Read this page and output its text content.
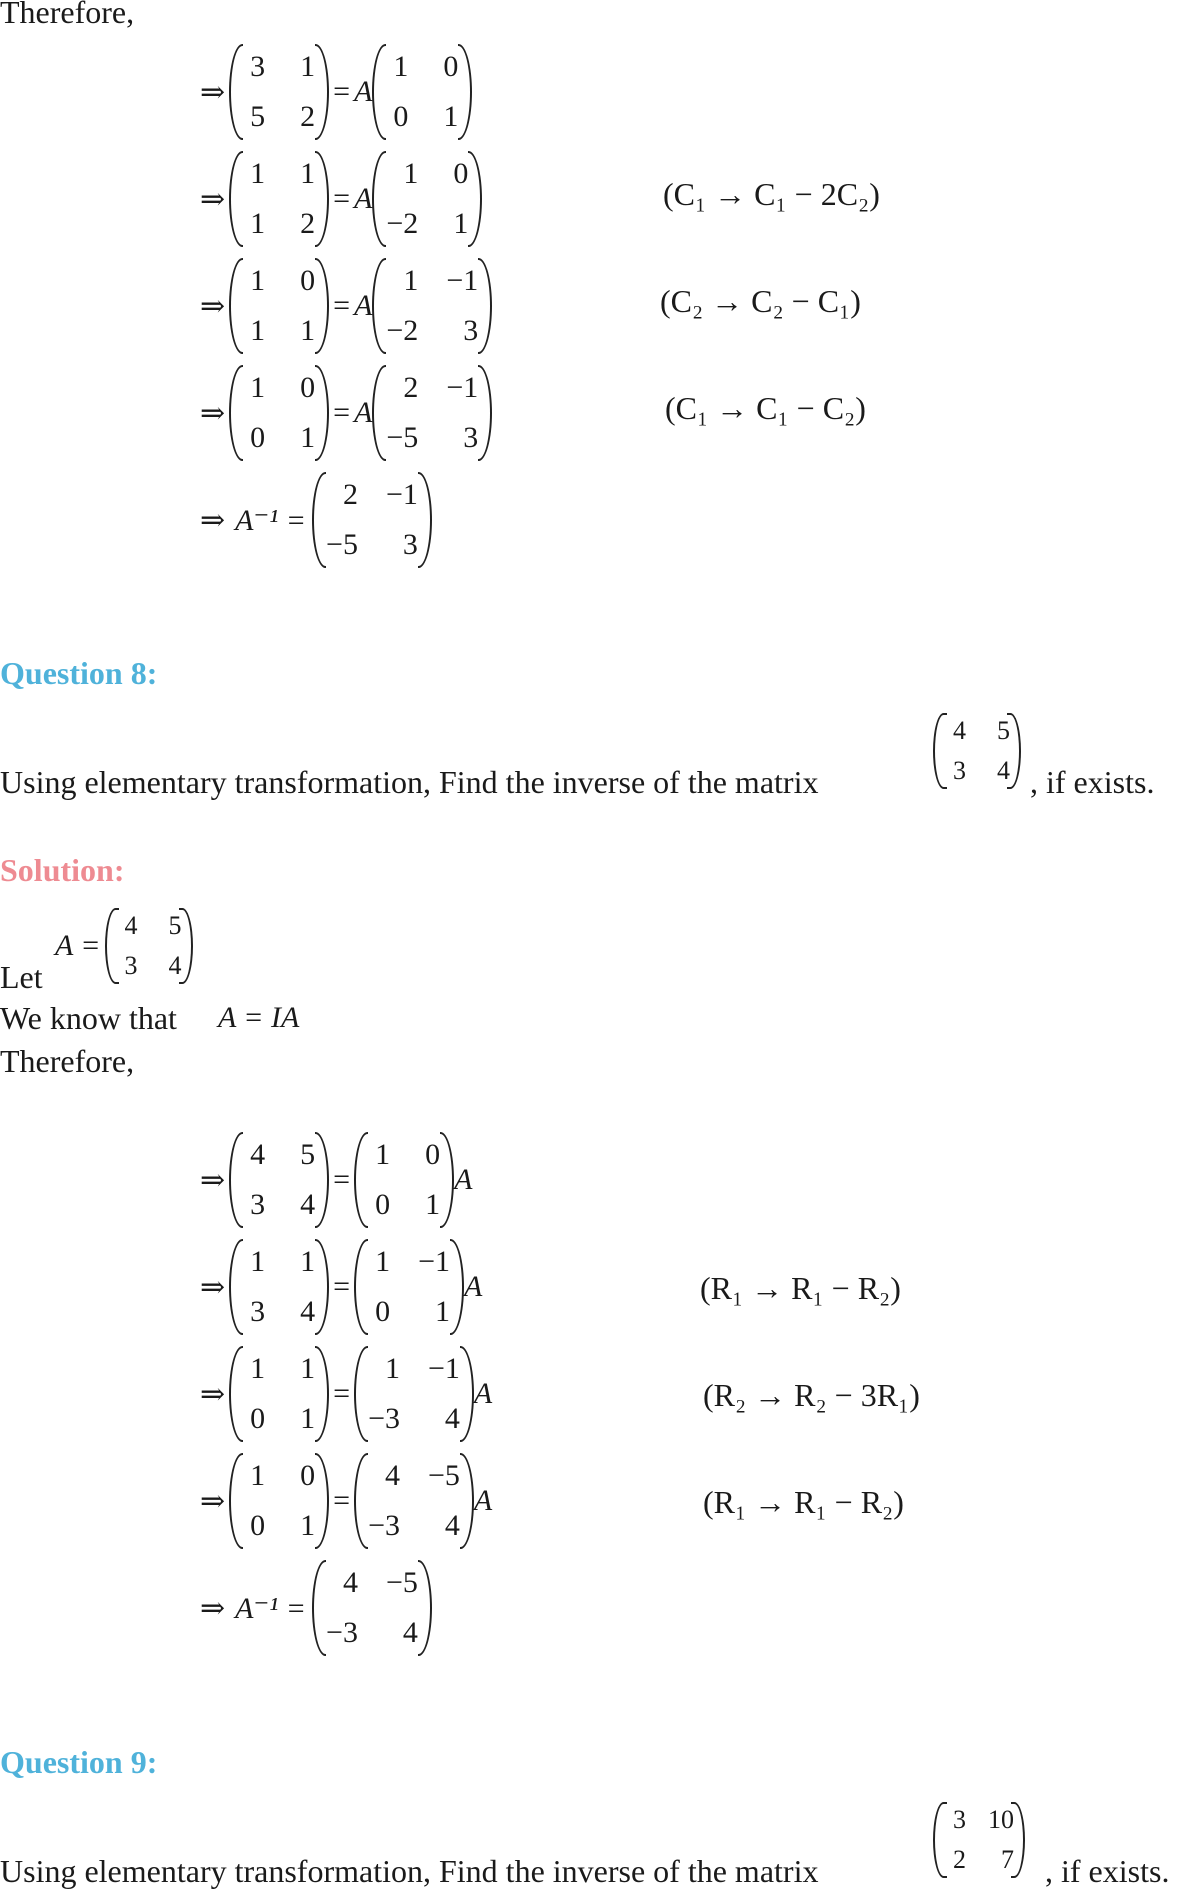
Therefore,
⇒
3 1
5 2
= A
1 0
0 1
⇒
1 1
1 2
= A
1 0
−2 1
(C₁ → C₁ − 2C₂)
⇒
1 0
1 1
= A
1 −1
−2	3
(C₂ → C₂ − C₁)
⇒
1 0
0 1
= A
2 −1
−5	3
(C₁ → C₁ − C₂)
⇒ A⁻¹ =
2 −1
−5	3
Question 8:
Using elementary transformation, Find the inverse of the matrix
4	5
3	4 , if exists.
Solution:
Let
A =
4	5
3	4
We know that A = IA
Therefore,
⇒
4 5
3 4
=
1 0
0 1
A
⇒
1 1
3 4
=
1 −1
0	1
A	(R₁ → R₁ − R₂)
⇒
1 1
0 1
=
1 −1
−3	4
A	(R₂ → R₂ − 3R₁)
⇒
1 0
0 1
=
4 −5
−3	4
A	(R₁ → R₁ − R₂)
⇒ A⁻¹ =
4 −5
−3	4
Question 9:
Using elementary transformation, Find the inverse of the matrix
3 10
2	7 , if exists.
